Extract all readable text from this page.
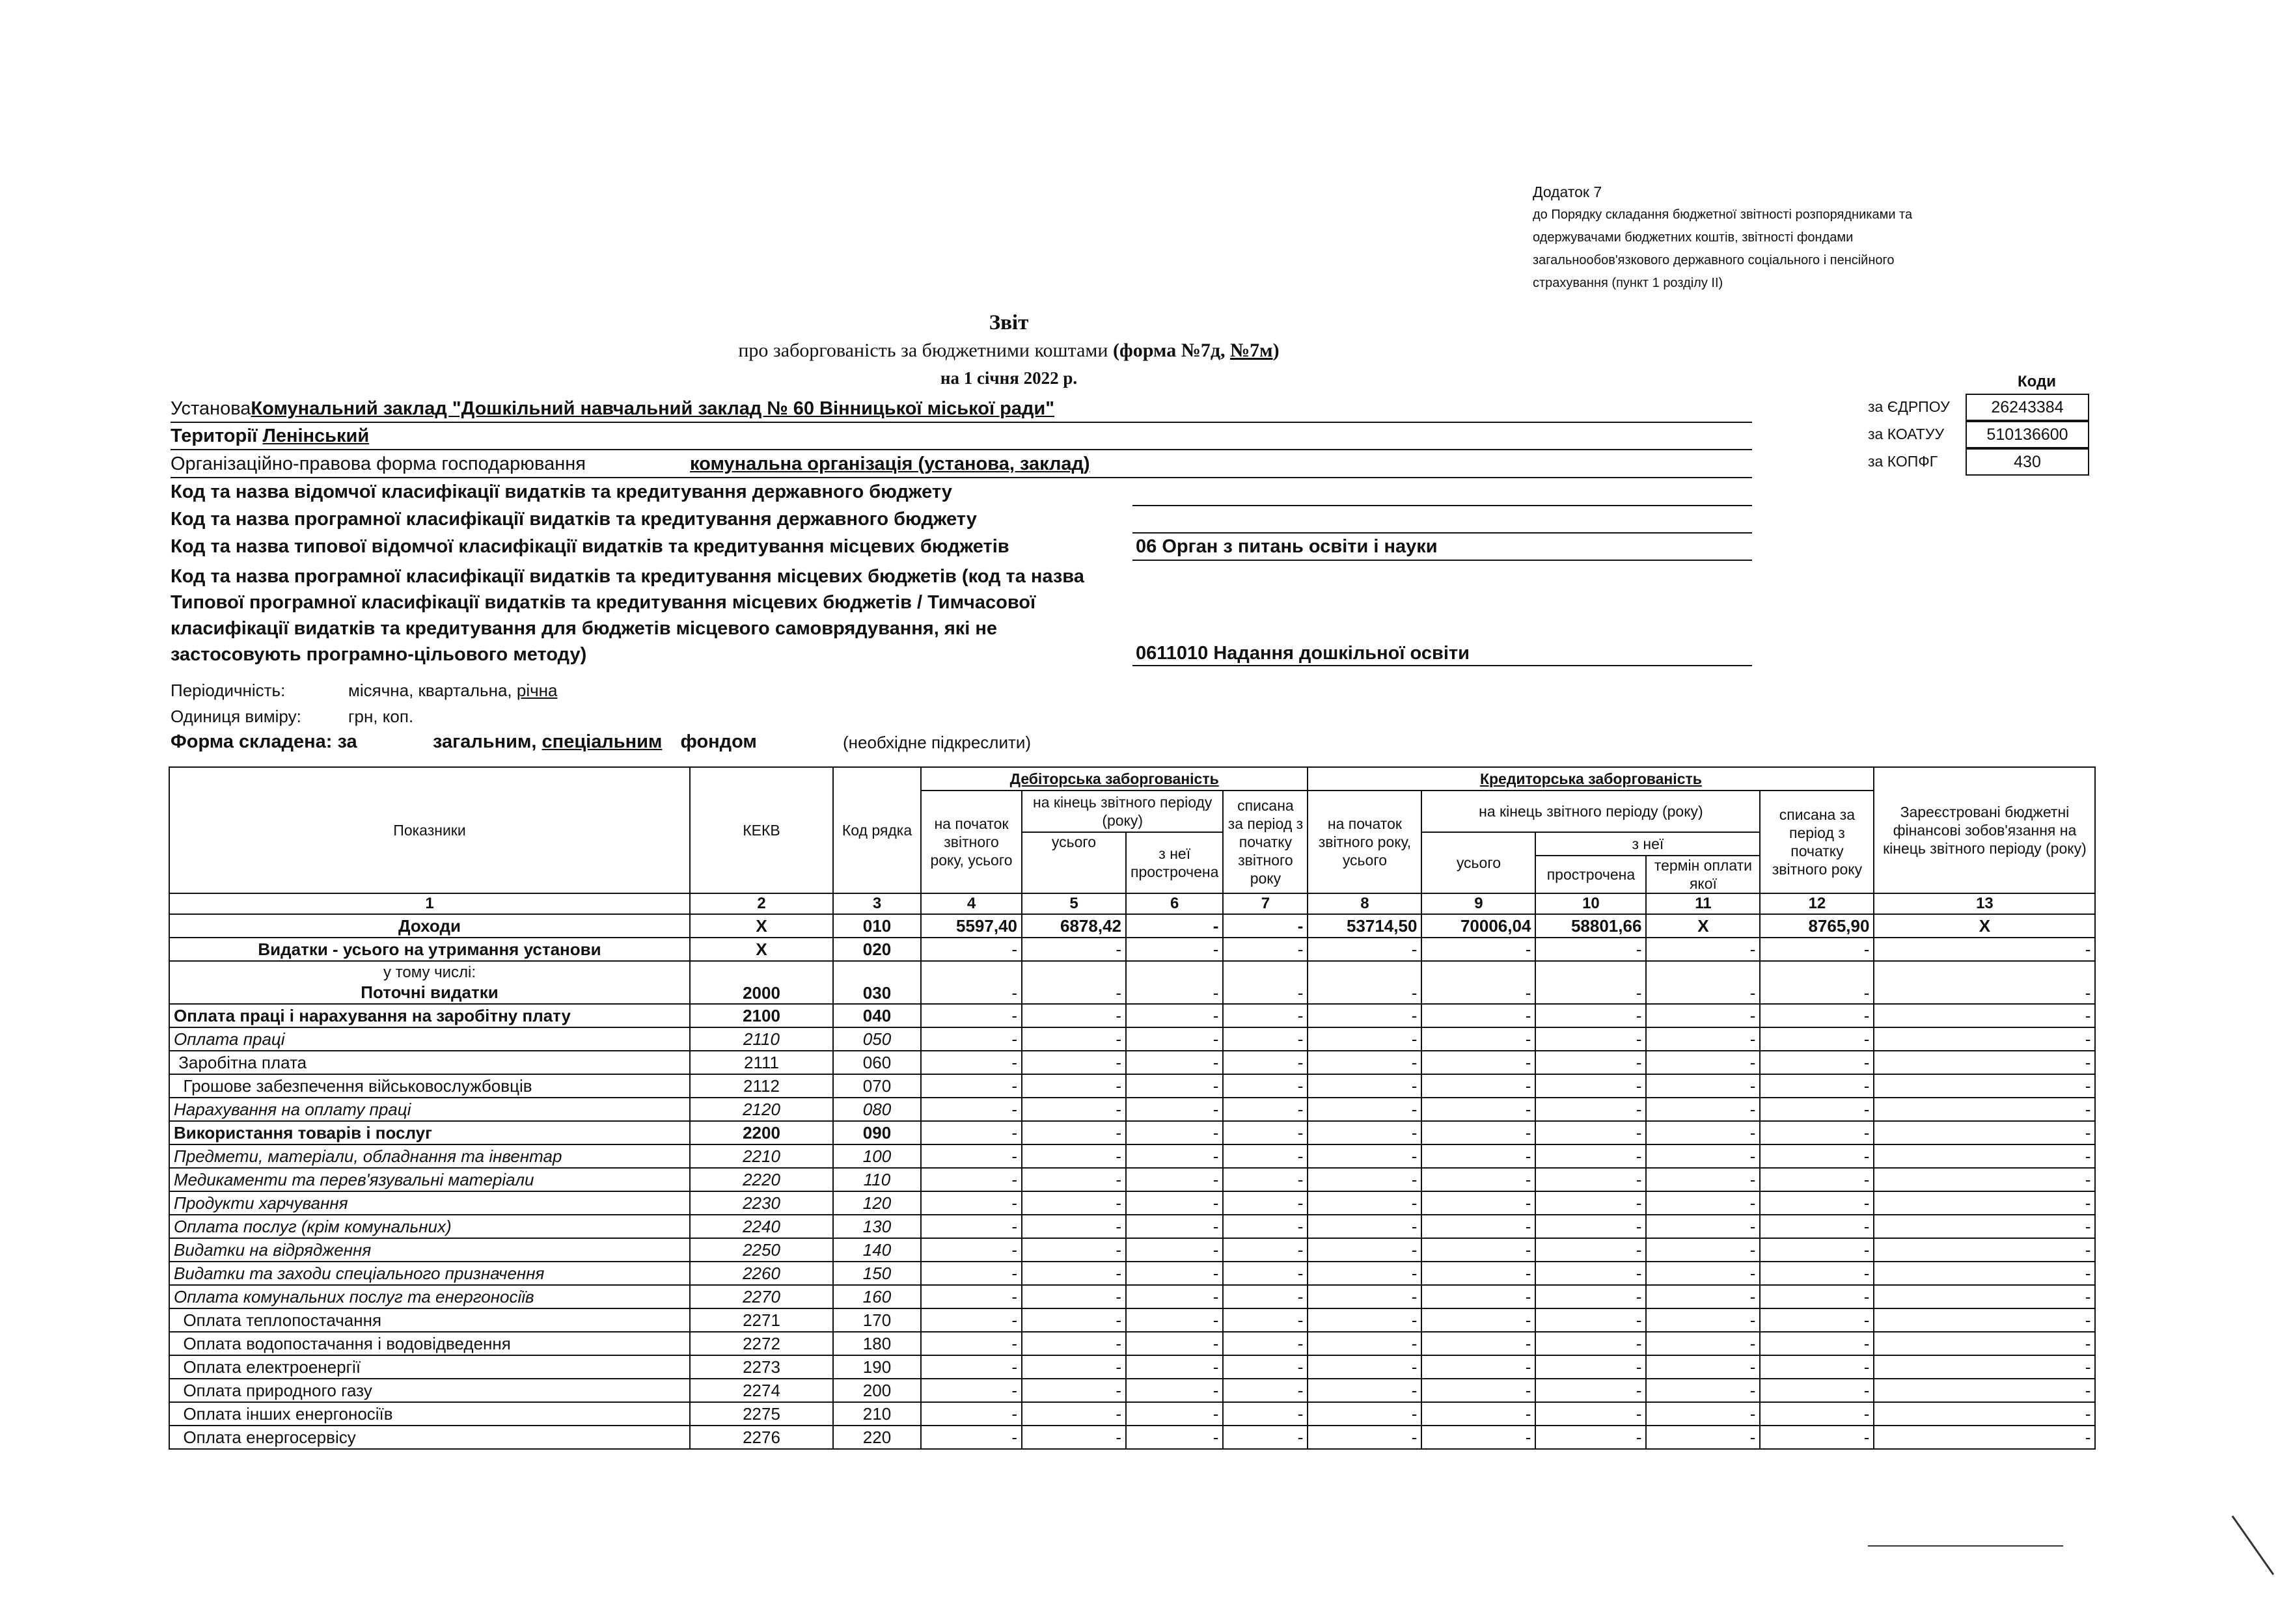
Додаток 7
до Порядку складання бюджетної звітності розпорядниками та
одержувачами бюджетних коштів, звітності фондами
загальнообов'язкового державного соціального і пенсійного
страхування (пункт 1 розділу II)
Звіт
про заборгованість за бюджетними коштами (форма №7д, №7м)
на 1 січня 2022 р.	Коди
за ЄДРПОУ	26243384
за КОАТУУ	510136600
за КОПФГ	430
УстановаКомунальний заклад "Дошкільний навчальний заклад № 60 Вінницької міської ради"
Території Ленінський
Організаційно-правова форма господарювання	комунальна організація (установа, заклад)
Код та назва відомчої класифікації видатків та кредитування державного бюджету
Код та назва програмної класифікації видатків та кредитування державного бюджету
Код та назва типової відомчої класифікації видатків та кредитування місцевих бюджетів	06 Орган з питань освіти і науки
Код та назва програмної класифікації видатків та кредитування місцевих бюджетів (код та назва
Типової програмної класифікації видатків та кредитування місцевих бюджетів / Тимчасової
класифікації видатків та кредитування для бюджетів місцевого самоврядування, які не
застосовують програмно-цільового методу)	0611010 Надання дошкільної освіти
Періодичність:	місячна, квартальна, річна
Одиниця виміру:	грн, коп.
Форма складена: за	загальним, спеціальним фондом	(необхідне підкреслити)
Показники	КЕКВ	Код рядка	Дебіторська заборгованість				Кредиторська заборгованість					Зареєстровані бюджетні фінансові зобов'язання на кінець звітного періоду (року)
			на початок звітного року, усього	на кінець звітного періоду (року)		списана за період з початку звітного року	на початок звітного року, усього	на кінець звітного періоду (року)			списана за період з початку звітного року	
				усього	з неї прострочена			усього	з неї			
									прострочена	термін оплати якої		
1	2	3	4	5	6	7	8	9	10	11	12	13
Доходи	X	010	5597,40	6878,42	-	-	53714,50	70006,04	58801,66	X	8765,90	X
Видатки - усього на утримання установи	X	020	-	-	-	-	-	-	-	-	-	-

у тому числі:
Поточні видатки	2000	030	-	-	-	-	-	-	-	-	-	-
Оплата праці і нарахування на заробітну плату	2100	040	-	-	-	-	-	-	-	-	-	-
Оплата праці	2110	050	-	-	-	-	-	-	-	-	-	-
Заробітна плата	2111	060	-	-	-	-	-	-	-	-	-	-
Грошове забезпечення військовослужбовців	2112	070	-	-	-	-	-	-	-	-	-	-
Нарахування на оплату праці	2120	080	-	-	-	-	-	-	-	-	-	-
Використання товарів і послуг	2200	090	-	-	-	-	-	-	-	-	-	-
Предмети, матеріали, обладнання та інвентар	2210	100	-	-	-	-	-	-	-	-	-	-
Медикаменти та перев'язувальні матеріали	2220	110	-	-	-	-	-	-	-	-	-	-
Продукти харчування	2230	120	-	-	-	-	-	-	-	-	-	-
Оплата послуг (крім комунальних)	2240	130	-	-	-	-	-	-	-	-	-	-
Видатки на відрядження	2250	140	-	-	-	-	-	-	-	-	-	-
Видатки та заходи спеціального призначення	2260	150	-	-	-	-	-	-	-	-	-	-
Оплата комунальних послуг та енергоносіїв	2270	160	-	-	-	-	-	-	-	-	-	-
Оплата теплопостачання	2271	170	-	-	-	-	-	-	-	-	-	-
Оплата водопостачання і водовідведення	2272	180	-	-	-	-	-	-	-	-	-	-
Оплата електроенергії	2273	190	-	-	-	-	-	-	-	-	-	-
Оплата природного газу	2274	200	-	-	-	-	-	-	-	-	-	-
Оплата інших енергоносіїв	2275	210	-	-	-	-	-	-	-	-	-	-
Оплата енергосервісу	2276	220	-	-	-	-	-	-	-	-	-	-
